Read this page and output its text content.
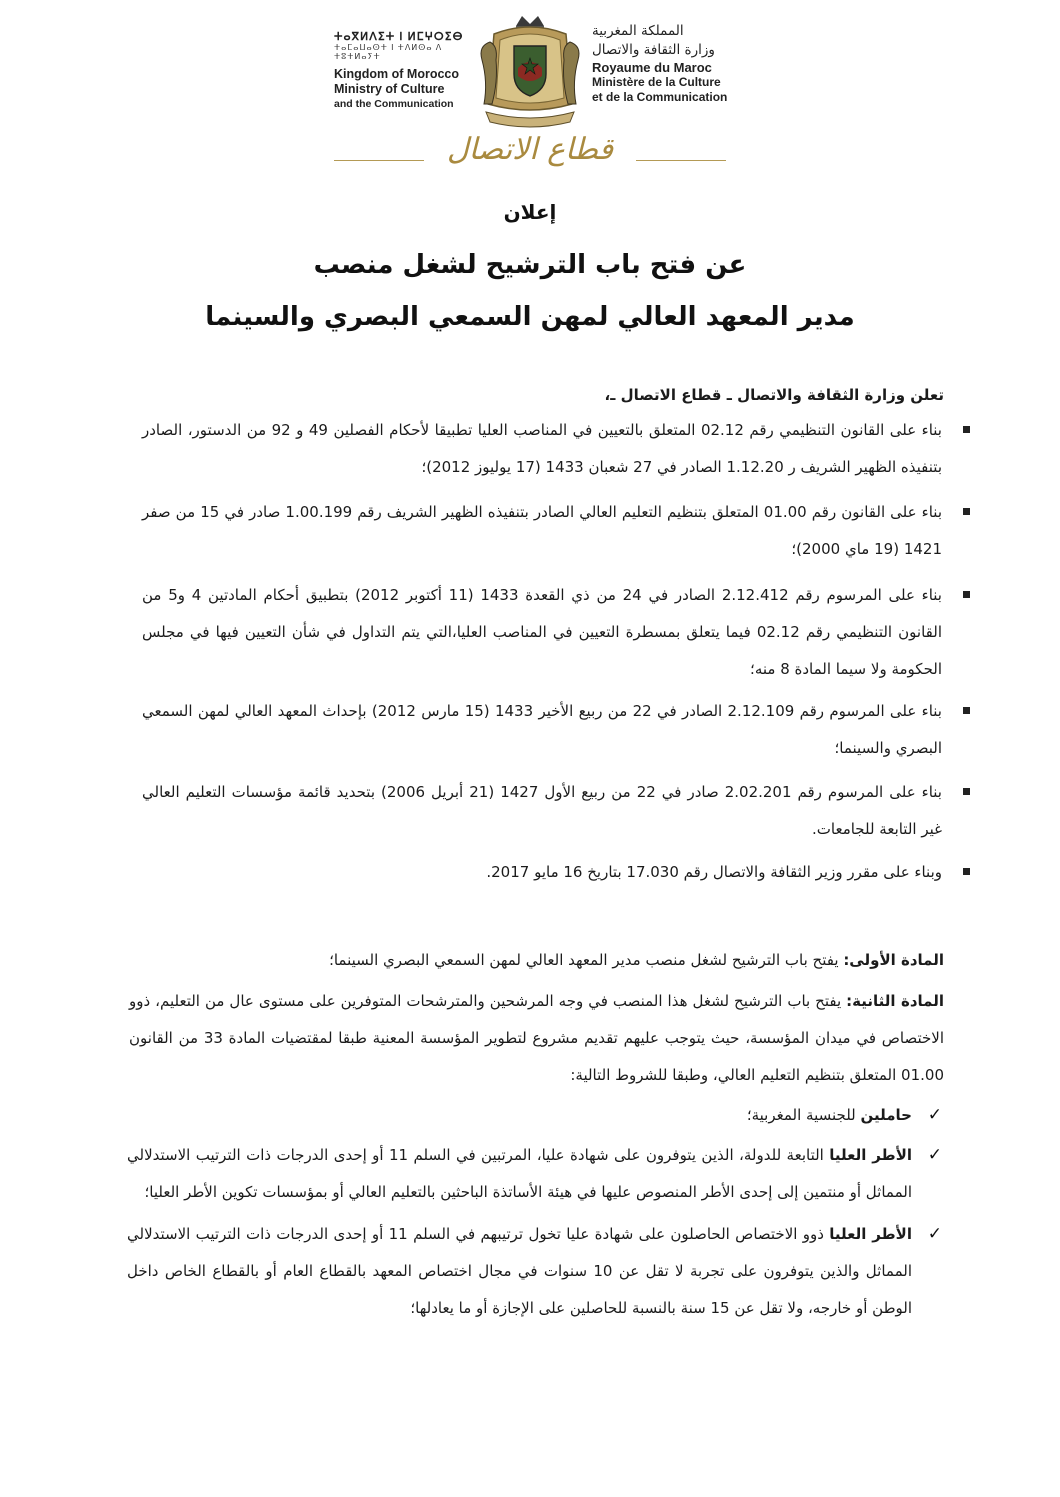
ⵜⴰⴳⵍⴷⵉⵜ ⵏ ⵍⵎⵖⵔⵉⴱ
ⵜⴰⵎⴰⵡⴰⵙⵜ ⵏ ⵜⴷⵍⵙⴰ ⴷ ⵜⵓⵜⵍⴰⵢⵜ
Kingdom of Morocco
Ministry of Culture
and the Communication
المملكة المغربية
وزارة الثقافة والاتصال
Royaume du Maroc
Ministère de la Culture
et de la Communication
قطاع الاتصال
إعلان
عن فتح باب الترشيح لشغل منصب
مدير المعهد العالي لمهن السمعي البصري والسينما
تعلن وزارة الثقافة والاتصال ـ قطاع الاتصال ـ،
بناء على القانون التنظيمي رقم 02.12 المتعلق بالتعيين في المناصب العليا تطبيقا لأحكام الفصلين 49 و 92 من الدستور، الصادر بتنفيذه الظهير الشريف ر 1.12.20 الصادر في 27 شعبان 1433 (17 يوليوز 2012)؛
بناء على القانون رقم 01.00 المتعلق بتنظيم التعليم العالي الصادر بتنفيذه الظهير الشريف رقم 1.00.199 صادر في 15 من صفر 1421 (19 ماي 2000)؛
بناء على المرسوم رقم 2.12.412 الصادر في 24 من ذي القعدة 1433 (11 أكتوبر 2012) بتطبيق أحكام المادتين 4 و5 من القانون التنظيمي رقم 02.12 فيما يتعلق بمسطرة التعيين في المناصب العليا،التي يتم التداول في شأن التعيين فيها في مجلس الحكومة ولا سيما المادة 8 منه؛
بناء على المرسوم رقم 2.12.109 الصادر في 22 من ربيع الأخير 1433 (15 مارس 2012) بإحداث المعهد العالي لمهن السمعي البصري والسينما؛
بناء على المرسوم رقم 2.02.201 صادر في 22 من ربيع الأول 1427 (21 أبريل 2006) بتحديد قائمة مؤسسات التعليم العالي غير التابعة للجامعات.
وبناء على مقرر وزير الثقافة والاتصال رقم 17.030 بتاريخ 16 مايو 2017.
المادة الأولى: يفتح باب الترشيح لشغل منصب مدير المعهد العالي لمهن السمعي البصري السينما؛
المادة الثانية: يفتح باب الترشيح لشغل هذا المنصب في وجه المرشحين والمترشحات المتوفرين على مستوى عال من التعليم، ذوو الاختصاص في ميدان المؤسسة، حيث يتوجب عليهم تقديم مشروع لتطوير المؤسسة المعنية طبقا لمقتضيات المادة 33 من القانون 01.00 المتعلق بتنظيم التعليم العالي، وطبقا للشروط التالية:
✓
حاملين للجنسية المغربية؛
✓
الأطر العليا التابعة للدولة، الذين يتوفرون على شهادة عليا، المرتبين في السلم 11 أو إحدى الدرجات ذات الترتيب الاستدلالي المماثل أو منتمين إلى إحدى الأطر المنصوص عليها في هيئة الأساتذة الباحثين بالتعليم العالي أو بمؤسسات تكوين الأطر العليا؛
✓
الأطر العليا ذوو الاختصاص الحاصلون على شهادة عليا تخول ترتيبهم في السلم 11 أو إحدى الدرجات ذات الترتيب الاستدلالي المماثل والذين يتوفرون على تجربة لا تقل عن 10 سنوات في مجال اختصاص المعهد بالقطاع العام أو بالقطاع الخاص داخل الوطن أو خارجه، ولا تقل عن 15 سنة بالنسبة للحاصلين على الإجازة أو ما يعادلها؛
